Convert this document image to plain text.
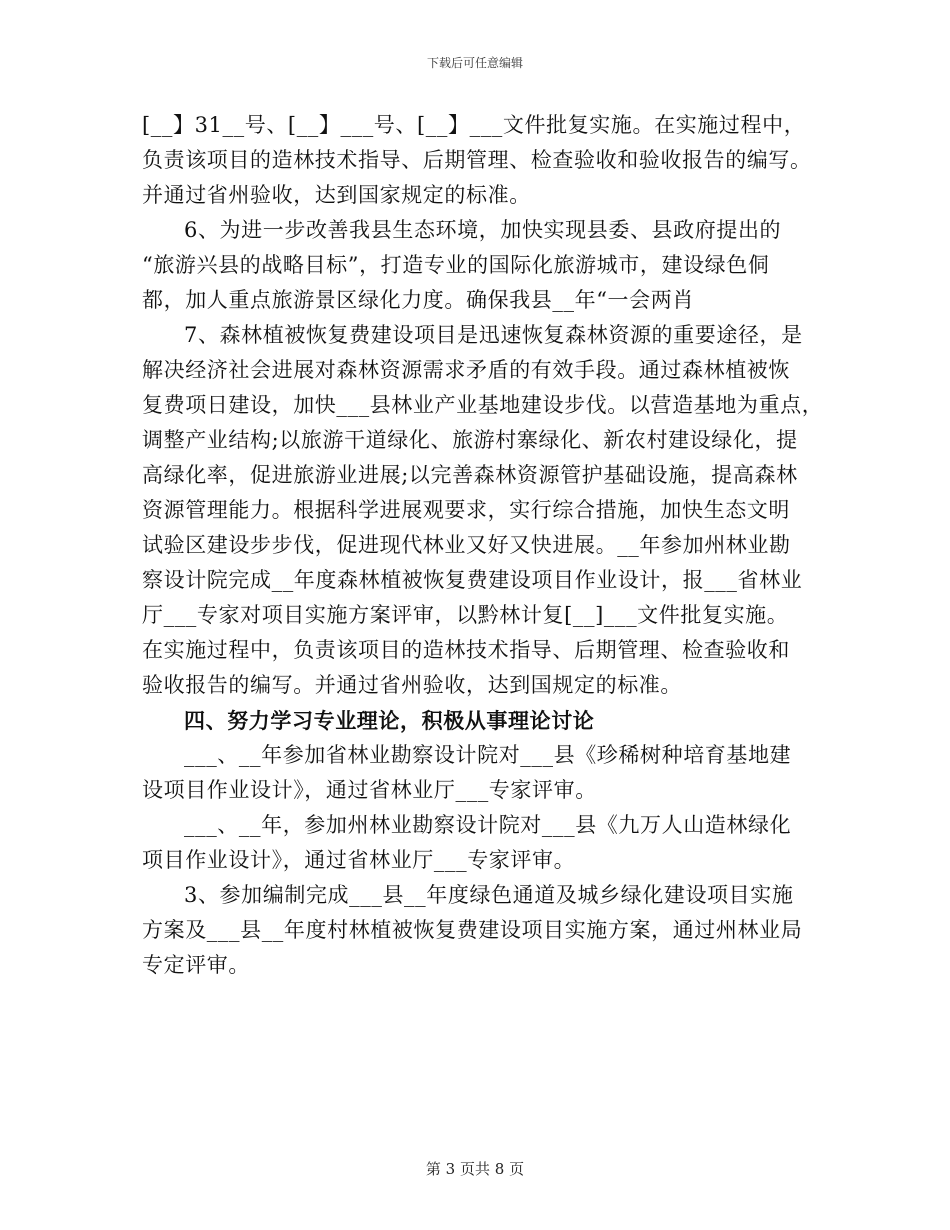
下载后可任意编辑
[__】31__号、[__】___号、[__】___文件批复实施。在实施过程中，
负责该项目的造林技术指导、后期管理、检查验收和验收报告的编写。
并通过省州验收，达到国家规定的标准。
6、为进一步改善我县生态环境，加快实现县委、县政府提出的
“旅游兴县的战略目标”，打造专业的国际化旅游城市，建设绿色侗
都，加人重点旅游景区绿化力度。确保我县__年“一会两肖
7、森林植被恢复费建设项目是迅速恢复森林资源的重要途径，是
解决经济社会进展对森林资源需求矛盾的有效手段。通过森林植被恢
复费项日建设，加快___县林业产业基地建设步伐。以营造基地为重点，
调整产业结构;以旅游干道绿化、旅游村寨绿化、新农村建设绿化，提
高绿化率，促进旅游业进展;以完善森林资源管护基础设施，提高森林
资源管理能力。根据科学进展观要求，实行综合措施，加快生态文明
试验区建设步步伐，促进现代林业又好又快进展。__年参加州林业勘
察设计院完成__年度森林植被恢复费建设项目作业设计，报___省林业
厅___专家对项目实施方案评审，以黔林计复[__]___文件批复实施。
在实施过程中，负责该项目的造林技术指导、后期管理、检查验收和
验收报告的编写。并通过省州验收，达到国规定的标准。
四、努力学习专业理论，积极从事理论讨论
___、__年参加省林业勘察设计院对___县《珍稀树种培育基地建
设项目作业设计》，通过省林业厅___专家评审。
___、__年，参加州林业勘察设计院对___县《九万人山造林绿化
项目作业设计》，通过省林业厅___专家评审。
3、参加编制完成___县__年度绿色通道及城乡绿化建设项目实施
方案及___县__年度村林植被恢复费建设项目实施方案，通过州林业局
专定评审。
第 3 页共 8 页
